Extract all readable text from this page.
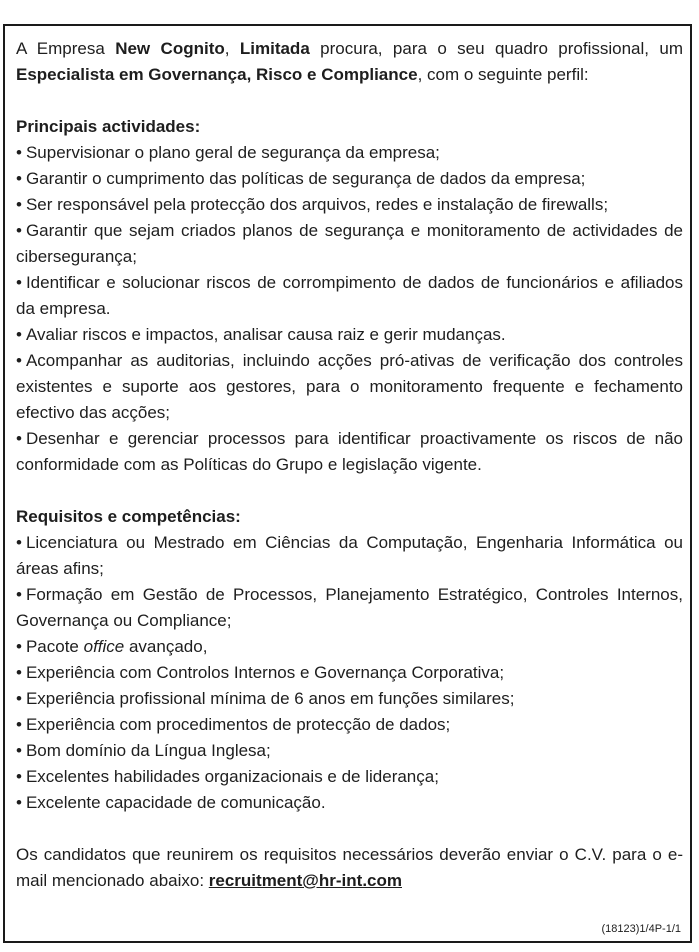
A Empresa New Cognito, Limitada procura, para o seu quadro profissional, um Especialista em Governança, Risco e Compliance, com o seguinte perfil:

Principais actividades:

• Supervisionar o plano geral de segurança da empresa;
• Garantir o cumprimento das políticas de segurança de dados da empresa;
• Ser responsável pela protecção dos arquivos, redes e instalação de firewalls;
• Garantir que sejam criados planos de segurança e monitoramento de actividades de cibersegurança;
• Identificar e solucionar riscos de corrompimento de dados de funcionários e afiliados da empresa.
• Avaliar riscos e impactos, analisar causa raiz e gerir mudanças.
• Acompanhar as auditorias, incluindo acções pró-ativas de verificação dos controles existentes e suporte aos gestores, para o monitoramento frequente e fechamento efectivo das acções;
• Desenhar e gerenciar processos para identificar proactivamente os riscos de não conformidade com as Políticas do Grupo e legislação vigente.

Requisitos e competências:

• Licenciatura ou Mestrado em Ciências da Computação, Engenharia Informática ou áreas afins;
• Formação em Gestão de Processos, Planejamento Estratégico, Controles Internos, Governança ou Compliance;
• Pacote office avançado,
• Experiência com Controlos Internos e Governança Corporativa;
• Experiência profissional mínima de 6 anos em funções similares;
• Experiência com procedimentos de protecção de dados;
• Bom domínio da Língua Inglesa;
• Excelentes habilidades organizacionais e de liderança;
• Excelente capacidade de comunicação.

Os candidatos que reunirem os requisitos necessários deverão enviar o C.V. para o e-mail mencionado abaixo: recruitment@hr-int.com

(18123)1/4P-1/1
